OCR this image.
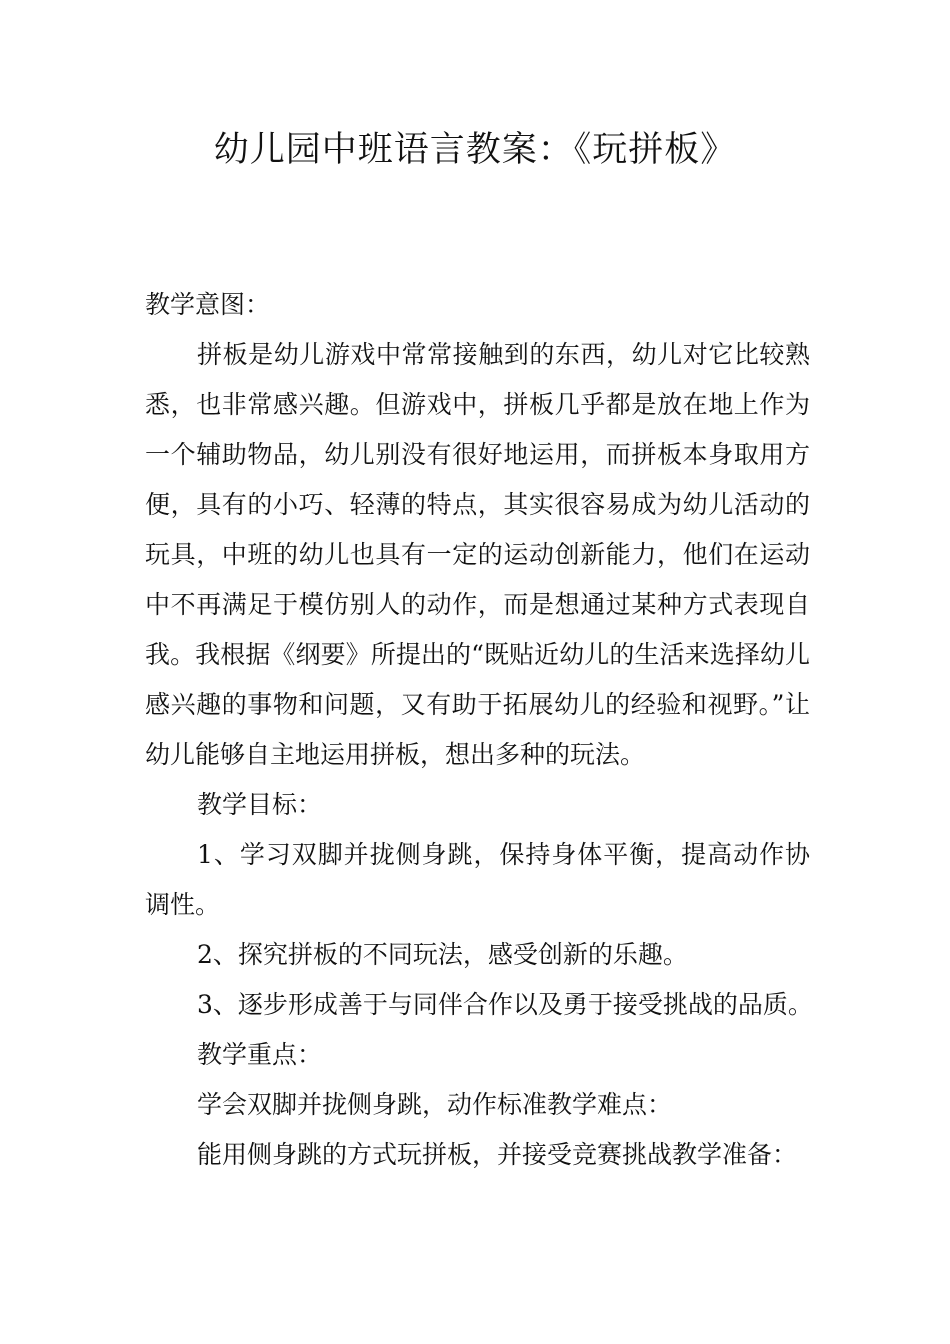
幼儿园中班语言教案：《玩拼板》

教学意图：

拼板是幼儿游戏中常常接触到的东西，幼儿对它比较熟悉，也非常感兴趣。但游戏中，拼板几乎都是放在地上作为一个辅助物品，幼儿别没有很好地运用，而拼板本身取用方便，具有的小巧、轻薄的特点，其实很容易成为幼儿活动的玩具，中班的幼儿也具有一定的运动创新能力，他们在运动中不再满足于模仿别人的动作，而是想通过某种方式表现自我。我根据《纲要》所提出的“既贴近幼儿的生活来选择幼儿感兴趣的事物和问题，又有助于拓展幼儿的经验和视野。”让幼儿能够自主地运用拼板，想出多种的玩法。

教学目标：

1、学习双脚并拢侧身跳，保持身体平衡，提高动作协调性。

2、探究拼板的不同玩法，感受创新的乐趣。

3、逐步形成善于与同伴合作以及勇于接受挑战的品质。

教学重点：

学会双脚并拢侧身跳，动作标准教学难点：

能用侧身跳的方式玩拼板，并接受竞赛挑战教学准备：
